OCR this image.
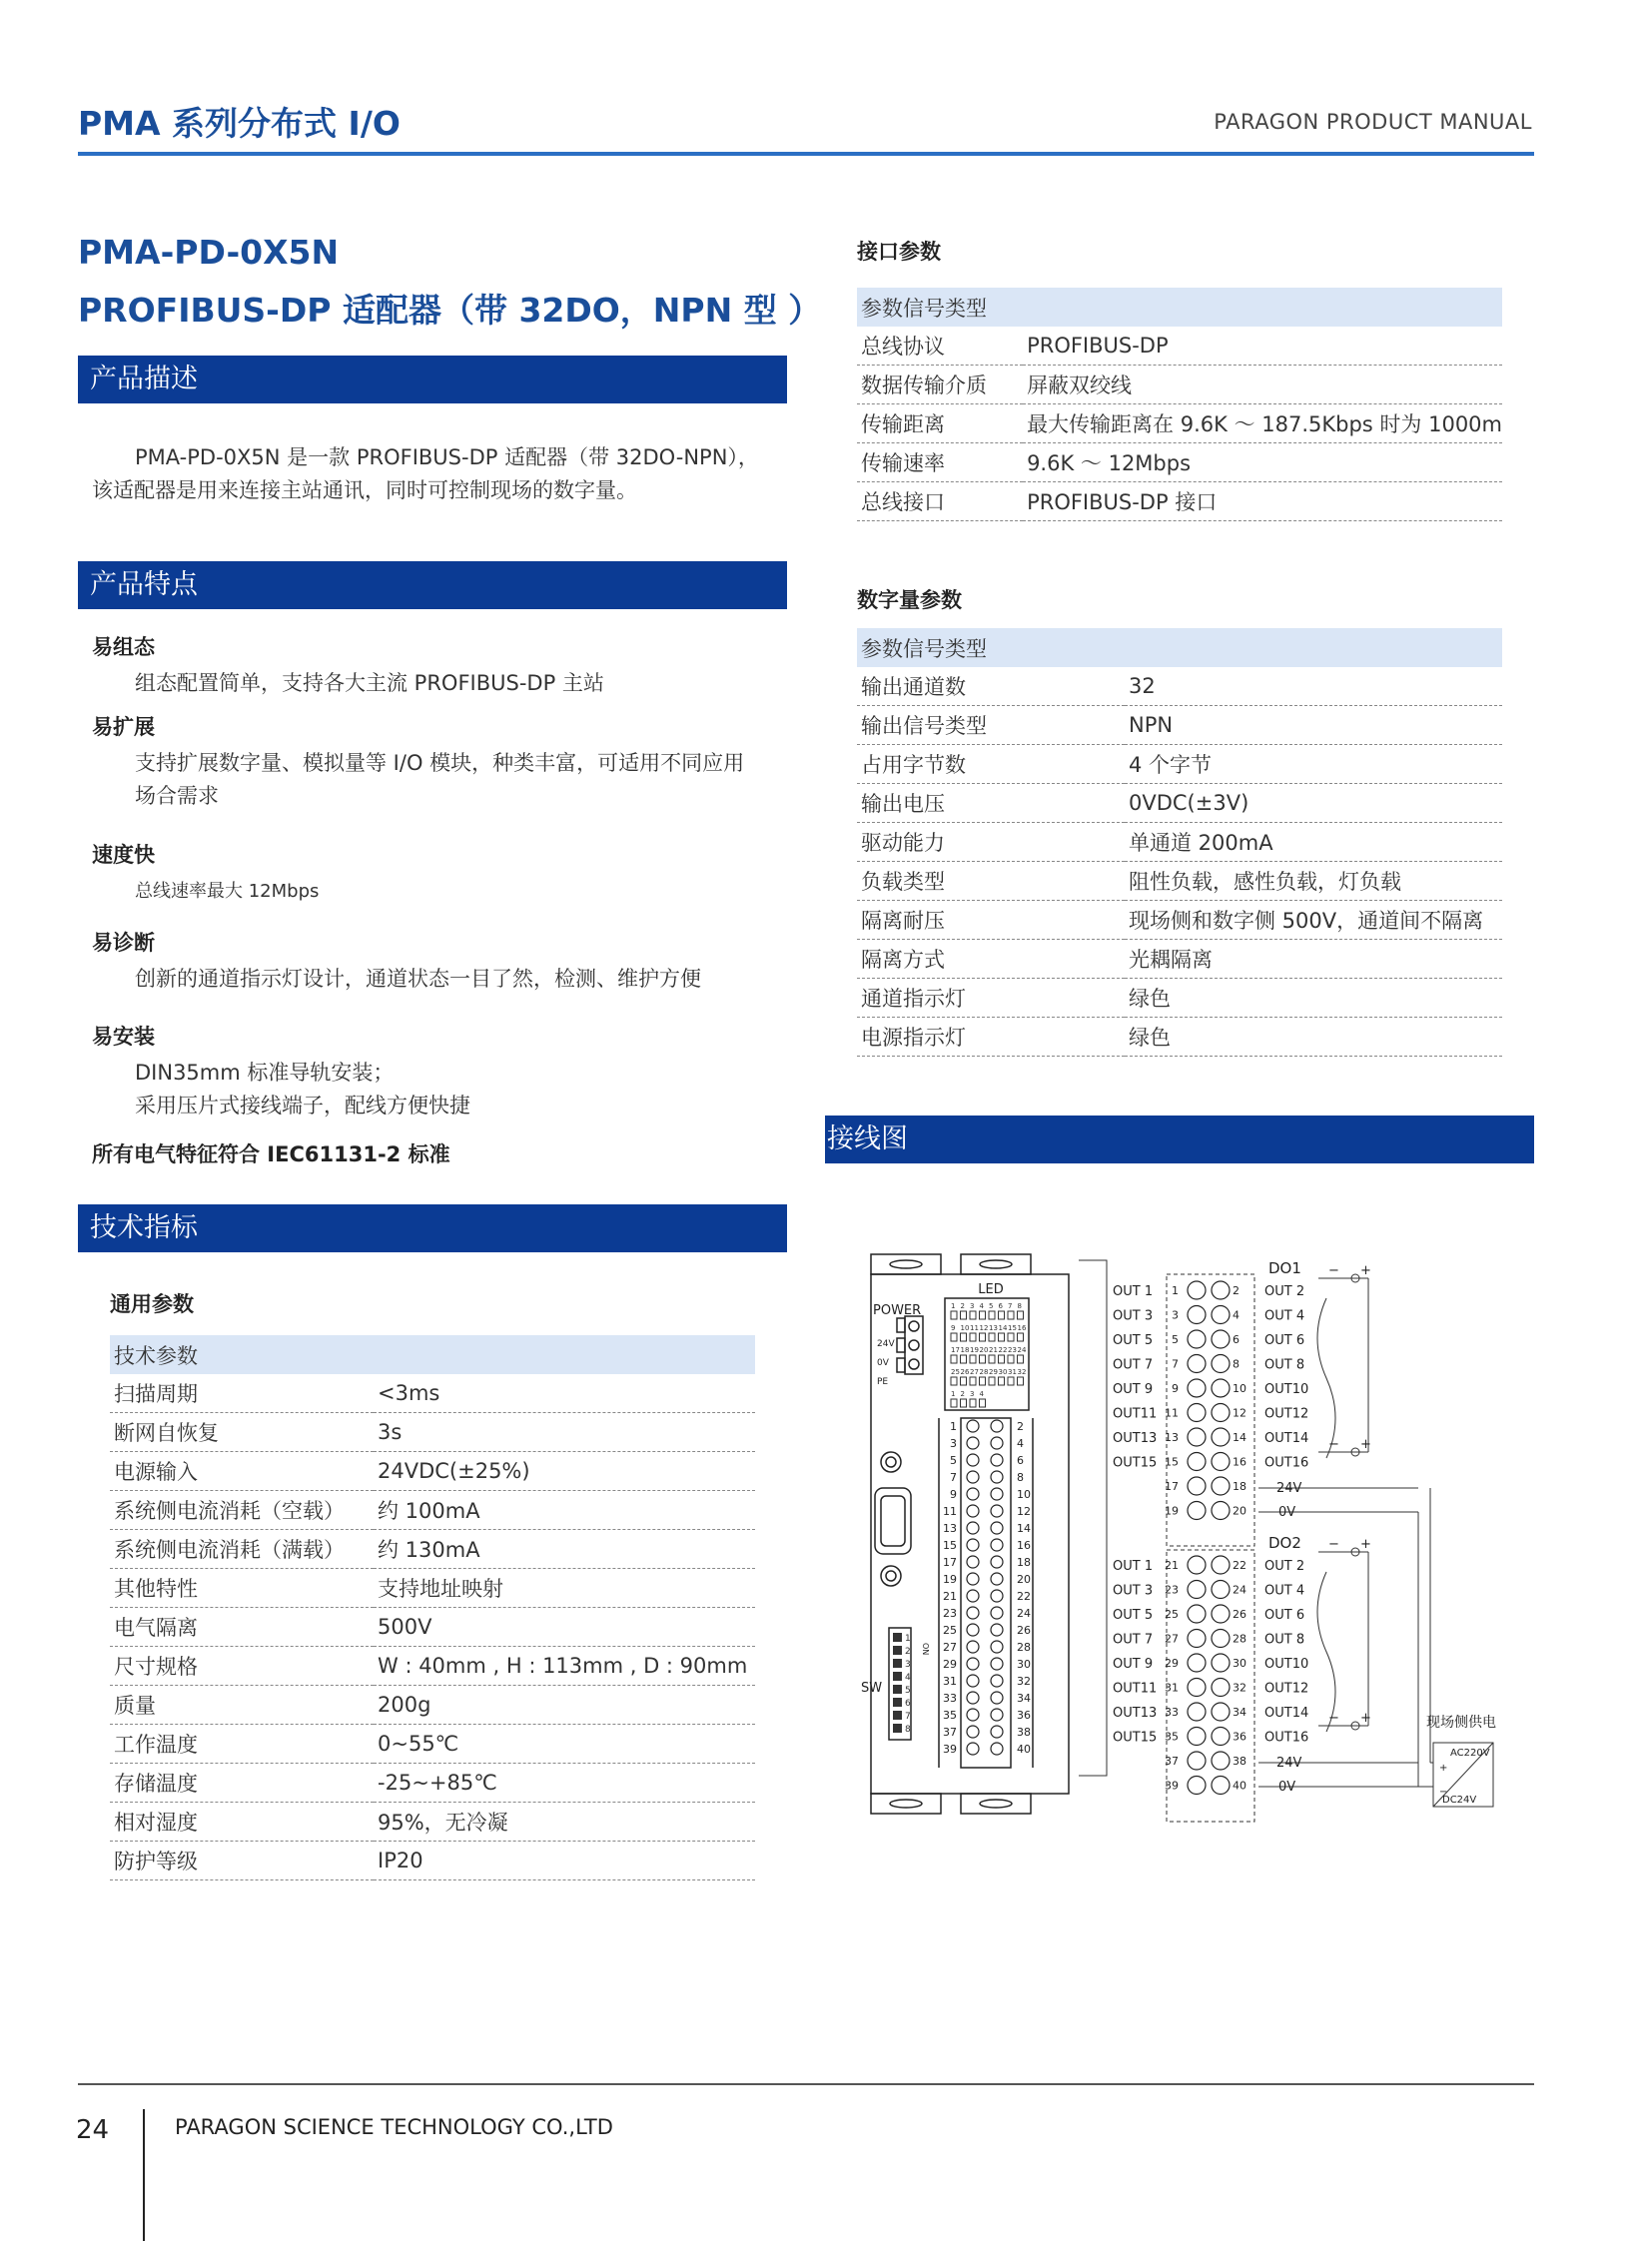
PMA 系列分布式 I/O	PARAGON PRODUCT MANUAL
PMA-PD-0X5N
PROFIBUS-DP 适配器（带 32DO，NPN 型 ）
产品描述
PMA-PD-0X5N 是一款 PROFIBUS-DP 适配器（带 32DO-NPN），
该适配器是用来连接主站通讯，同时可控制现场的数字量。
产品特点
易组态
组态配置简单，支持各大主流 PROFIBUS-DP 主站
易扩展
支持扩展数字量、模拟量等 I/O 模块，种类丰富，可适用不同应用
场合需求
速度快
总线速率最大 12Mbps
易诊断
创新的通道指示灯设计，通道状态一目了然，检测、维护方便
易安装
DIN35mm 标准导轨安装；
采用压片式接线端子，配线方便快捷
所有电气特征符合 IEC61131-2 标准
技术指标
通用参数
技术参数	
扫描周期	<3ms
断网自恢复	3s
电源输入	24VDC(±25%)
系统侧电流消耗（空载）	约 100mA
系统侧电流消耗（满载）	约 130mA
其他特性	支持地址映射
电气隔离	500V
尺寸规格	W : 40mm , H : 113mm , D : 90mm
质量	200g
工作温度	0~55℃
存储温度	-25~+85℃
相对湿度	95%，无冷凝
防护等级	IP20
接口参数
参数信号类型	
总线协议	PROFIBUS-DP
数据传输介质	屏蔽双绞线
传输距离	最大传输距离在 9.6K ～ 187.5Kbps 时为 1000m
传输速率	9.6K ～ 12Mbps
总线接口	PROFIBUS-DP 接口
数字量参数
参数信号类型	
输出通道数	32
输出信号类型	NPN
占用字节数	4 个字节
输出电压	0VDC(±3V)
驱动能力	单通道 200mA
负载类型	阻性负载，感性负载，灯负载
隔离耐压	现场侧和数字侧 500V，通道间不隔离
隔离方式	光耦隔离
通道指示灯	绿色
电源指示灯	绿色
接线图
1 2 3 4 5 6 7 8
9 10 11 12 13 14 15 16
17 18 19 20 21 22 23 24
25 26 27 28 29 30 31 32
1 2 3 4
1
2
3
4
5
6
7
8
1	2
3	4
5	6
7	8
9	10
11	12
13	14
15	16
17	18
19	20
21	22
23	24
25	26
27	28
29	30
31	32
33	34
35	36
37	38
39	40
LED
POWER
24V
0V
PE
SW
ON
1	2
3	4
5	6
7	8
9	10
11	12
13	14
15	16
17	18
19	20
21	22
23	24
25	26
27	28
29	30
31	32
33	34
35	36
37	38
39	40
OUT 1
OUT 3
OUT 5
OUT 7
OUT 9
OUT11
OUT13
OUT15
OUT 1
OUT 3
OUT 5
OUT 7
OUT 9
OUT11
OUT13
OUT15
OUT 2
OUT 4
OUT 6
OUT 8
OUT10
OUT12
OUT14
OUT16
OUT 2
OUT 4
OUT 6
OUT 8
OUT10
OUT12
OUT14
OUT16
DO1
DO2
− +
− +
− +
− +
24V
0V
24V
0V
现场侧供电
AC220V
+
−
DC24V
24	PARAGON SCIENCE TECHNOLOGY CO.,LTD
